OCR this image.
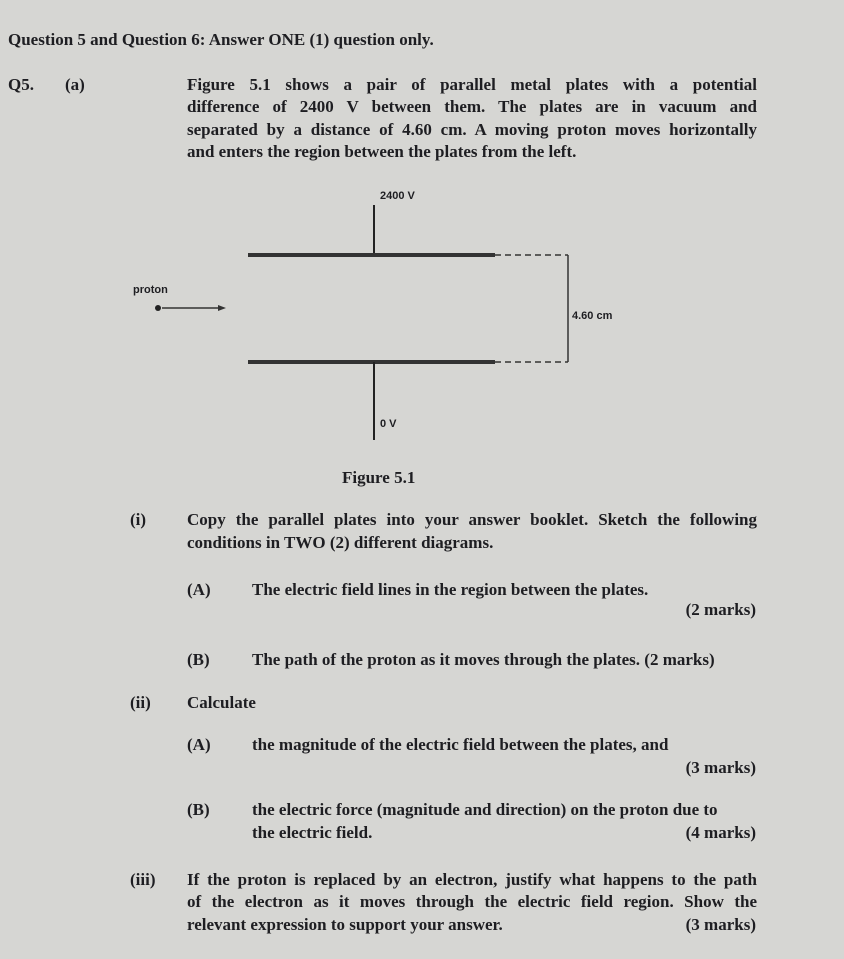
Question 5 and Question 6: Answer ONE (1) question only.
Q5. (a)	Figure 5.1 shows a pair of parallel metal plates with a potential
difference of 2400 V between them. The plates are in vacuum and
separated by a distance of 4.60 cm. A moving proton moves horizontally
and enters the region between the plates from the left.
2400 V
4.60 cm
proton
0 V
Figure 5.1
(i) Copy the parallel plates into your answer booklet. Sketch the following
conditions in TWO (2) different diagrams.
(A) The electric field lines in the region between the plates.
(2 marks)
(B) The path of the proton as it moves through the plates. (2 marks)
(ii) Calculate
(A) the magnitude of the electric field between the plates, and
(3 marks)
(B) the electric force (magnitude and direction) on the proton due to
the electric field.	(4 marks)
(iii) If the proton is replaced by an electron, justify what happens to the path
of the electron as it moves through the electric field region. Show the
relevant expression to support your answer.	(3 marks)
